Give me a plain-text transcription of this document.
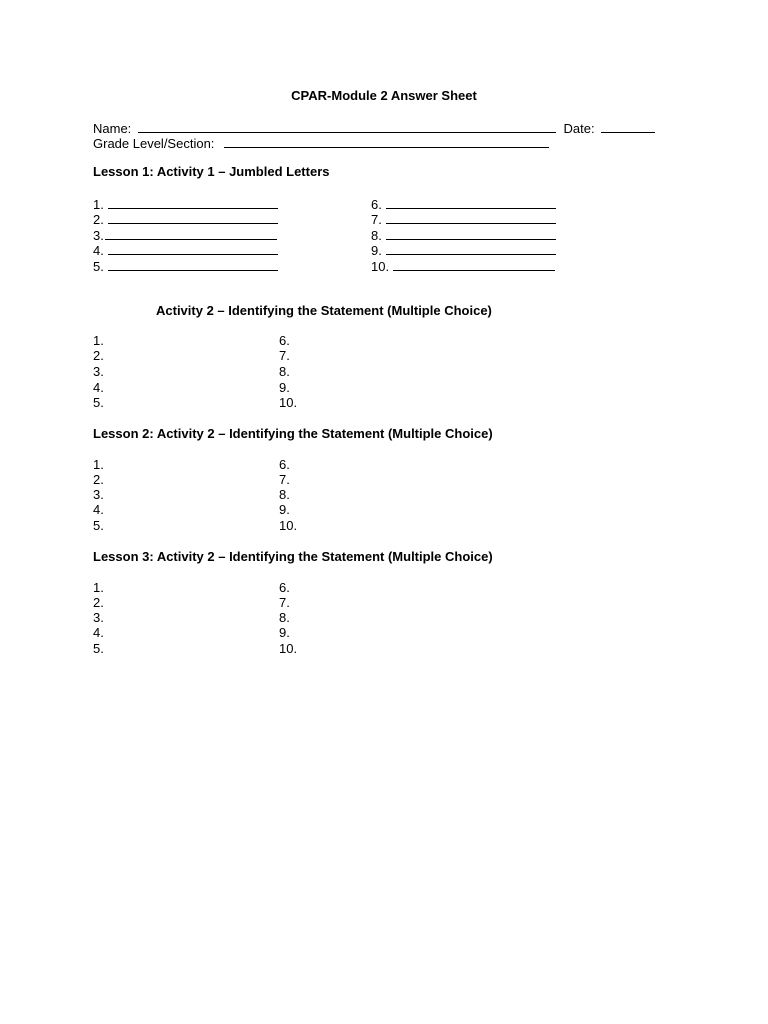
CPAR-Module 2 Answer Sheet
Name:	Date:
Grade Level/Section:
Lesson 1: Activity 1 – Jumbled Letters
1.
2.
3.
4.
5.
6.
7.
8.
9.
10.
Activity 2 – Identifying the Statement (Multiple Choice)
1.
2.
3.
4.
5.
6.
7.
8.
9.
10.
Lesson 2: Activity 2 – Identifying the Statement (Multiple Choice)
1.
2.
3.
4.
5.
6.
7.
8.
9.
10.
Lesson 3: Activity 2 – Identifying the Statement (Multiple Choice)
1.
2.
3.
4.
5.
6.
7.
8.
9.
10.
